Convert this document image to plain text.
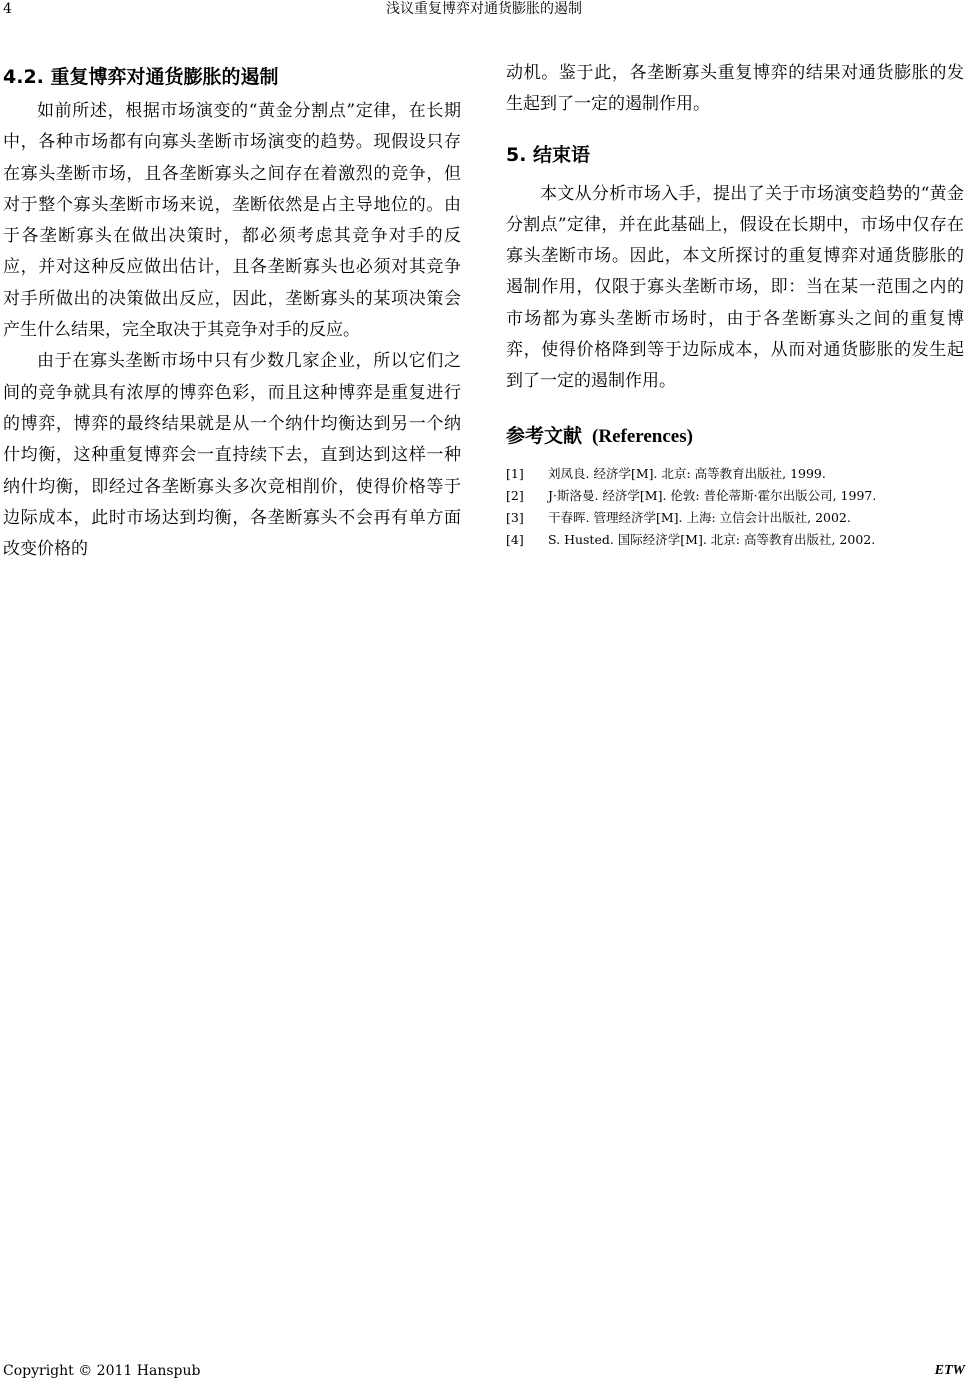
4	浅议重复博弈对通货膨胀的遏制
4.2. 重复博弈对通货膨胀的遏制

如前所述，根据市场演变的“黄金分割点”定律，在长期中，各种市场都有向寡头垄断市场演变的趋势。现假设只存在寡头垄断市场，且各垄断寡头之间存在着激烈的竞争，但对于整个寡头垄断市场来说，垄断依然是占主导地位的。由于各垄断寡头在做出决策时，都必须考虑其竞争对手的反应，并对这种反应做出估计，且各垄断寡头也必须对其竞争对手所做出的决策做出反应，因此，垄断寡头的某项决策会产生什么结果，完全取决于其竞争对手的反应。

由于在寡头垄断市场中只有少数几家企业，所以它们之间的竞争就具有浓厚的博弈色彩，而且这种博弈是重复进行的博弈，博弈的最终结果就是从一个纳什均衡达到另一个纳什均衡，这种重复博弈会一直持续下去，直到达到这样一种纳什均衡，即经过各垄断寡头多次竞相削价，使得价格等于边际成本，此时市场达到均衡，各垄断寡头不会再有单方面改变价格的

动机。鉴于此，各垄断寡头重复博弈的结果对通货膨胀的发生起到了一定的遏制作用。

5. 结束语

本文从分析市场入手，提出了关于市场演变趋势的“黄金分割点”定律，并在此基础上，假设在长期中，市场中仅存在寡头垄断市场。因此，本文所探讨的重复博弈对通货膨胀的遏制作用，仅限于寡头垄断市场，即：当在某一范围之内的市场都为寡头垄断市场时，由于各垄断寡头之间的重复博弈，使得价格降到等于边际成本，从而对通货膨胀的发生起到了一定的遏制作用。

参考文献 (References)
[1]	刘凤良. 经济学[M]. 北京: 高等教育出版社, 1999.
[2]	J·斯洛曼. 经济学[M]. 伦敦: 普伦蒂斯·霍尔出版公司, 1997.
[3]	干春晖. 管理经济学[M]. 上海: 立信会计出版社, 2002.
[4]	S. Husted. 国际经济学[M]. 北京: 高等教育出版社, 2002.
Copyright © 2011 Hanspub	ETW
